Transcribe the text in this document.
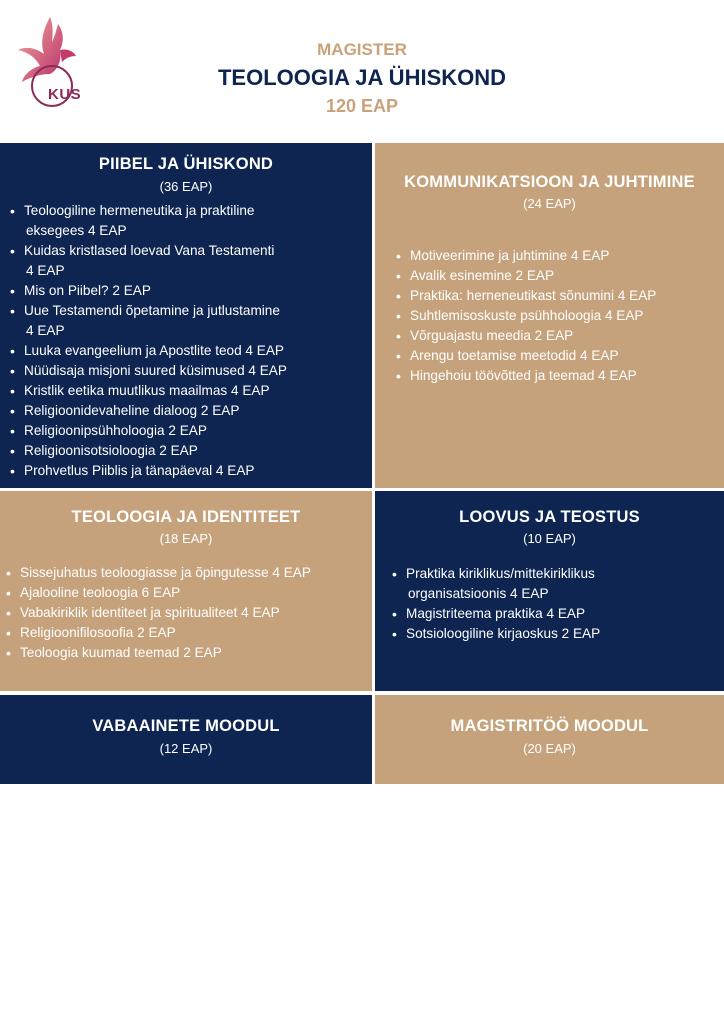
KUS
MAGISTER
TEOLOOGIA JA ÜHISKOND
120 EAP
PIIBEL JA ÜHISKOND
(36 EAP)
• Teoloogiline hermeneutika ja praktiline
eksegees 4 EAP
• Kuidas kristlased loevad Vana Testamenti
4 EAP
• Mis on Piibel? 2 EAP
• Uue Testamendi õpetamine ja jutlustamine
4 EAP
• Luuka evangeelium ja Apostlite teod 4 EAP
• Nüüdisaja misjoni suured küsimused 4 EAP
• Kristlik eetika muutlikus maailmas 4 EAP
• Religioonidevaheline dialoog 2 EAP
• Religioonipsühholoogia 2 EAP
• Religioonisotsioloogia 2 EAP
• Prohvetlus Piiblis ja tänapäeval 4 EAP
KOMMUNIKATSIOON JA JUHTIMINE
(24 EAP)
• Motiveerimine ja juhtimine 4 EAP
• Avalik esinemine 2 EAP
• Praktika: herneneutikast sõnumini 4 EAP
• Suhtlemisoskuste psühholoogia 4 EAP
• Võrguajastu meedia 2 EAP
• Arengu toetamise meetodid 4 EAP
• Hingehoiu töövõtted ja teemad 4 EAP
TEOLOOGIA JA IDENTITEET
(18 EAP)
• Sissejuhatus teoloogiasse ja õpingutesse 4 EAP
• Ajalooline teoloogia 6 EAP
• Vabakiriklik identiteet ja spiritualiteet 4 EAP
• Religioonifilosoofia 2 EAP
• Teoloogia kuumad teemad 2 EAP
LOOVUS JA TEOSTUS
(10 EAP)
• Praktika kiriklikus/mittekiriklikus
organisatsioonis 4 EAP
• Magistriteema praktika 4 EAP
• Sotsioloogiline kirjaoskus 2 EAP
VABAAINETE MOODUL
(12 EAP)
MAGISTRITÖÖ MOODUL
(20 EAP)
